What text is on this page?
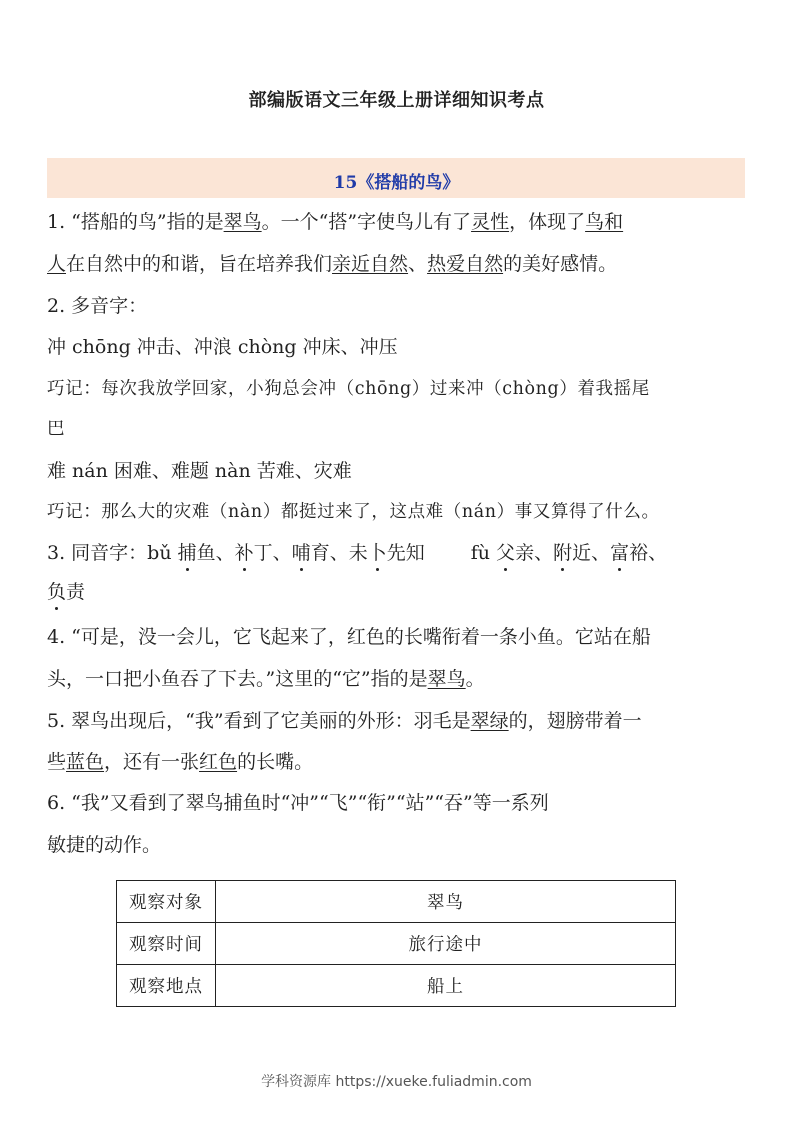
部编版语文三年级上册详细知识考点
15《搭船的鸟》
1. “搭船的鸟”指的是翠鸟。一个“搭”字使鸟儿有了灵性，体现了鸟和
人在自然中的和谐，旨在培养我们亲近自然、热爱自然的美好感情。
2. 多音字：
冲 chōng 冲击、冲浪 chòng 冲床、冲压
巧记：每次我放学回家，小狗总会冲（chōng）过来冲（chòng）着我摇尾
巴
难 nán 困难、难题 nàn 苦难、灾难
巧记：那么大的灾难（nàn）都挺过来了，这点难（nán）事又算得了什么。
3. 同音字：bǔ 捕鱼、补丁、哺育、未卜先知 fù 父亲、附近、富裕、
负责
4. “可是，没一会儿，它飞起来了，红色的长嘴衔着一条小鱼。它站在船
头，一口把小鱼吞了下去。”这里的“它”指的是翠鸟。
5. 翠鸟出现后，“我”看到了它美丽的外形：羽毛是翠绿的，翅膀带着一
些蓝色，还有一张红色的长嘴。
6. “我”又看到了翠鸟捕鱼时“冲”“飞”“衔”“站”“吞”等一系列
敏捷的动作。
观察对象	翠鸟
观察时间	旅行途中
观察地点	船上
学科资源库 https://xueke.fuliadmin.com
